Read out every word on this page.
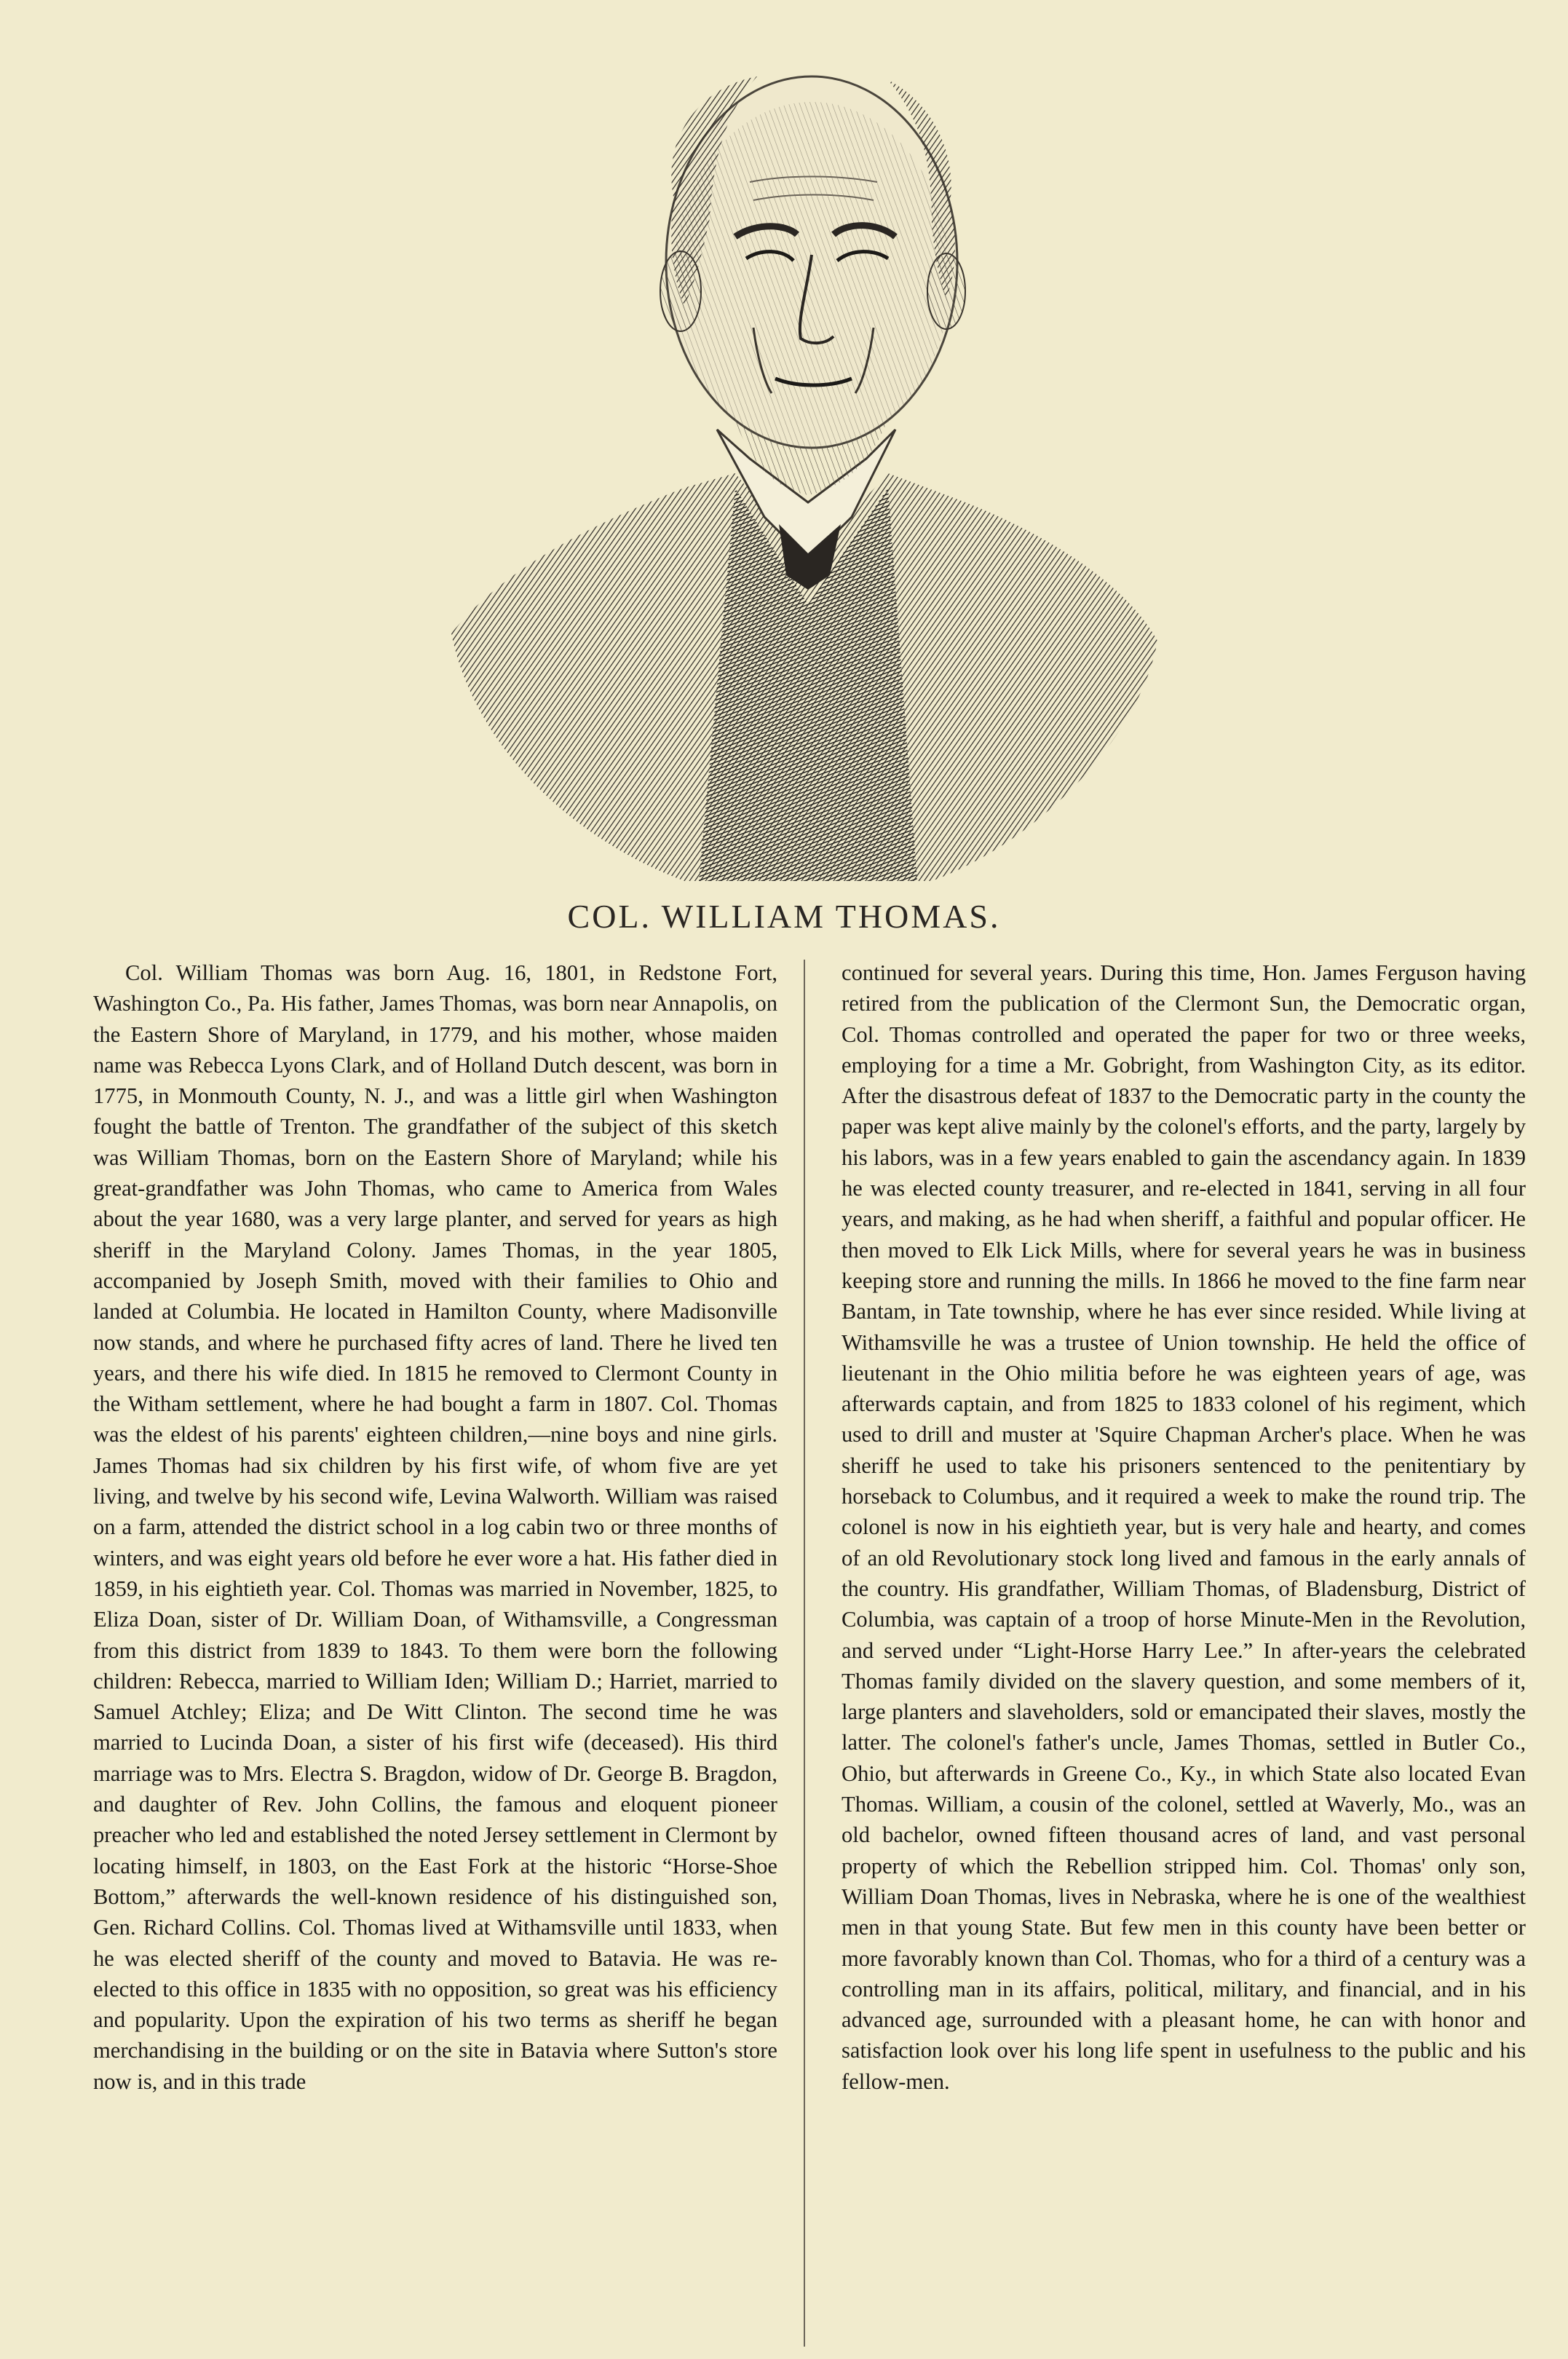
COL. WILLIAM THOMAS.

Col. William Thomas was born Aug. 16, 1801, in Redstone Fort, Washington Co., Pa. His father, James Thomas, was born near Annapolis, on the Eastern Shore of Maryland, in 1779, and his mother, whose maiden name was Rebecca Lyons Clark, and of Holland Dutch descent, was born in 1775, in Monmouth County, N. J., and was a little girl when Washington fought the battle of Trenton. The grandfather of the subject of this sketch was William Thomas, born on the Eastern Shore of Maryland; while his great-grandfather was John Thomas, who came to America from Wales about the year 1680, was a very large planter, and served for years as high sheriff in the Maryland Colony. James Thomas, in the year 1805, accompanied by Joseph Smith, moved with their families to Ohio and landed at Columbia. He located in Hamilton County, where Madisonville now stands, and where he purchased fifty acres of land. There he lived ten years, and there his wife died. In 1815 he removed to Clermont County in the Witham settlement, where he had bought a farm in 1807. Col. Thomas was the eldest of his parents' eighteen children,—nine boys and nine girls. James Thomas had six children by his first wife, of whom five are yet living, and twelve by his second wife, Levina Walworth. William was raised on a farm, attended the district school in a log cabin two or three months of winters, and was eight years old before he ever wore a hat. His father died in 1859, in his eightieth year. Col. Thomas was married in November, 1825, to Eliza Doan, sister of Dr. William Doan, of Withamsville, a Congressman from this district from 1839 to 1843. To them were born the following children: Rebecca, married to William Iden; William D.; Harriet, married to Samuel Atchley; Eliza; and De Witt Clinton. The second time he was married to Lucinda Doan, a sister of his first wife (deceased). His third marriage was to Mrs. Electra S. Bragdon, widow of Dr. George B. Bragdon, and daughter of Rev. John Collins, the famous and eloquent pioneer preacher who led and established the noted Jersey settlement in Clermont by locating himself, in 1803, on the East Fork at the historic “Horse-Shoe Bottom,” afterwards the well-known residence of his distinguished son, Gen. Richard Collins. Col. Thomas lived at Withamsville until 1833, when he was elected sheriff of the county and moved to Batavia. He was re-elected to this office in 1835 with no opposition, so great was his efficiency and popularity. Upon the expiration of his two terms as sheriff he began merchandising in the building or on the site in Batavia where Sutton's store now is, and in this trade

continued for several years. During this time, Hon. James Ferguson having retired from the publication of the Clermont Sun, the Democratic organ, Col. Thomas controlled and operated the paper for two or three weeks, employing for a time a Mr. Gobright, from Washington City, as its editor. After the disastrous defeat of 1837 to the Democratic party in the county the paper was kept alive mainly by the colonel's efforts, and the party, largely by his labors, was in a few years enabled to gain the ascendancy again. In 1839 he was elected county treasurer, and re-elected in 1841, serving in all four years, and making, as he had when sheriff, a faithful and popular officer. He then moved to Elk Lick Mills, where for several years he was in business keeping store and running the mills. In 1866 he moved to the fine farm near Bantam, in Tate township, where he has ever since resided. While living at Withamsville he was a trustee of Union township. He held the office of lieutenant in the Ohio militia before he was eighteen years of age, was afterwards captain, and from 1825 to 1833 colonel of his regiment, which used to drill and muster at 'Squire Chapman Archer's place. When he was sheriff he used to take his prisoners sentenced to the penitentiary by horseback to Columbus, and it required a week to make the round trip. The colonel is now in his eightieth year, but is very hale and hearty, and comes of an old Revolutionary stock long lived and famous in the early annals of the country. His grandfather, William Thomas, of Bladensburg, District of Columbia, was captain of a troop of horse Minute-Men in the Revolution, and served under “Light-Horse Harry Lee.” In after-years the celebrated Thomas family divided on the slavery question, and some members of it, large planters and slaveholders, sold or emancipated their slaves, mostly the latter. The colonel's father's uncle, James Thomas, settled in Butler Co., Ohio, but afterwards in Greene Co., Ky., in which State also located Evan Thomas. William, a cousin of the colonel, settled at Waverly, Mo., was an old bachelor, owned fifteen thousand acres of land, and vast personal property of which the Rebellion stripped him. Col. Thomas' only son, William Doan Thomas, lives in Nebraska, where he is one of the wealthiest men in that young State. But few men in this county have been better or more favorably known than Col. Thomas, who for a third of a century was a controlling man in its affairs, political, military, and financial, and in his advanced age, surrounded with a pleasant home, he can with honor and satisfaction look over his long life spent in usefulness to the public and his fellow-men.
